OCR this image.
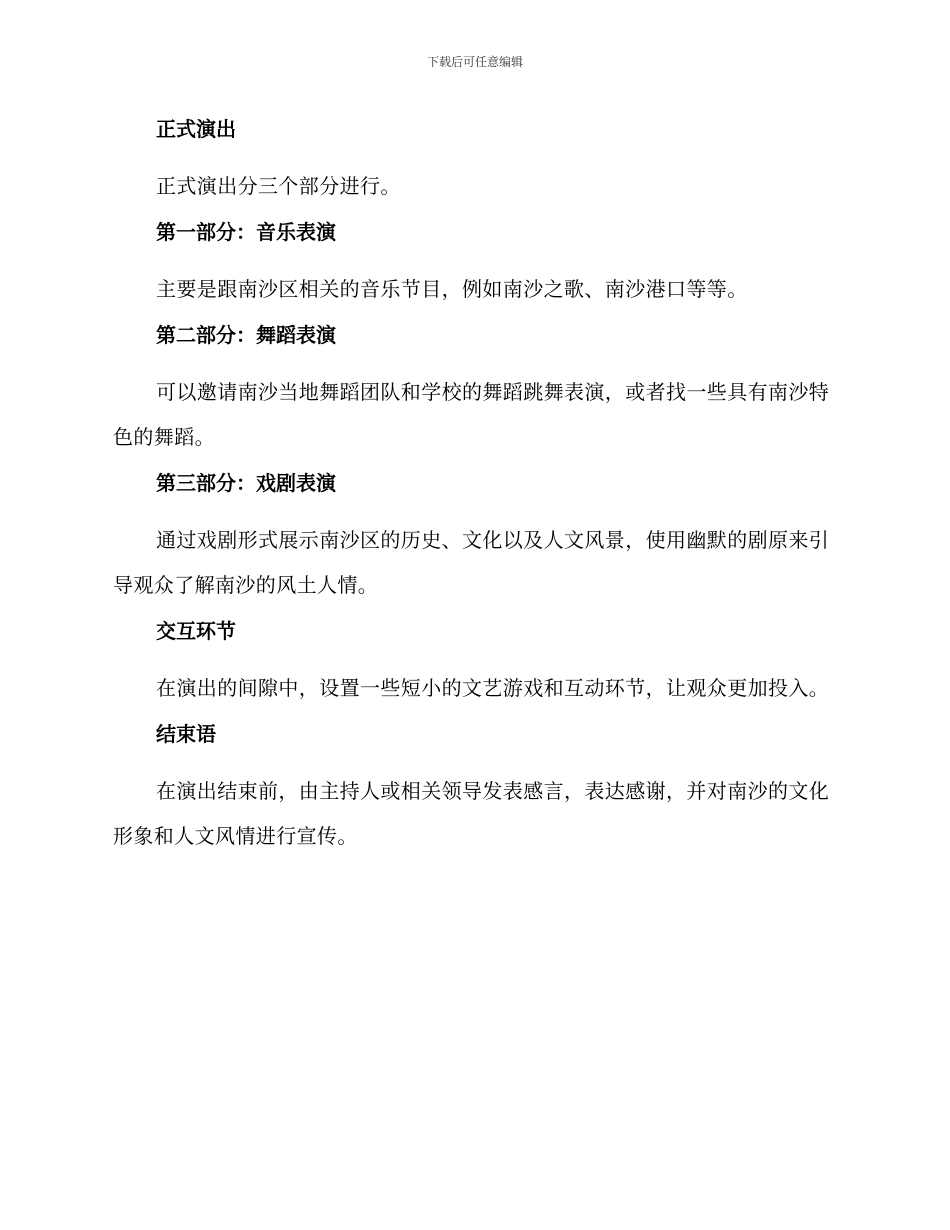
下载后可任意编辑
正式演出

正式演出分三个部分进行。

第一部分：音乐表演

主要是跟南沙区相关的音乐节目，例如南沙之歌、南沙港口等等。

第二部分：舞蹈表演

可以邀请南沙当地舞蹈团队和学校的舞蹈跳舞表演，或者找一些具有南沙特色的舞蹈。

第三部分：戏剧表演

通过戏剧形式展示南沙区的历史、文化以及人文风景，使用幽默的剧原来引导观众了解南沙的风土人情。

交互环节

在演出的间隙中，设置一些短小的文艺游戏和互动环节，让观众更加投入。

结束语

在演出结束前，由主持人或相关领导发表感言，表达感谢，并对南沙的文化形象和人文风情进行宣传。
